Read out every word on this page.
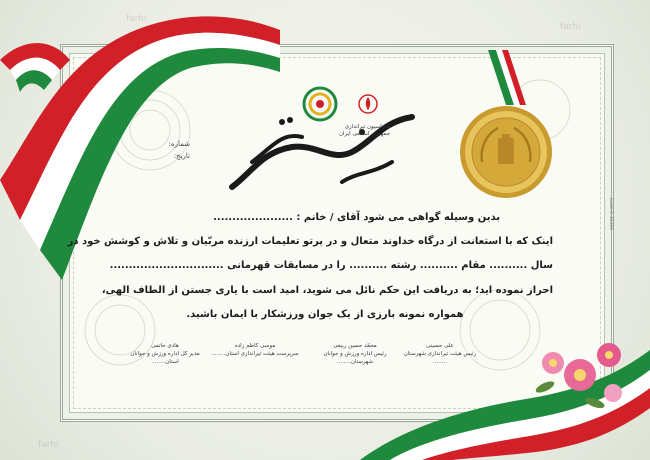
farhi
farhi
farhi
فدراسیون تیراندازی
جمهوری اسلامی ایران
شماره:
تاریخ:
بدین وسیله گواهی می شود آقای / خانم : .....................
اینک که با استعانت از درگاه خداوند متعال و در پرتو تعلیمات ارزنده مربّیان و تلاش و کوشش خود در
سال .......... مقام .......... رشته .......... را در مسابقات قهرمانی ..............................
احراز نموده اید؛ به دریافت این حکم نائل می شوید، امید است با یاری جستن از الطاف الهی،
همواره نمونه بارزی از یک جوان ورزشکار با ایمان باشید.
علی حسینی
رئیس هیئت تیراندازی شهرستان
........
محمّد حسین ربیعی
رئیس اداره ورزش و جوانان
شهرستان........
موسی کاظم زاده
سرپرست هیئت تیراندازی استان........
هادی حاتمی
مدیر کل اداره ورزش و جوانان
استان........
Code-B-10284
